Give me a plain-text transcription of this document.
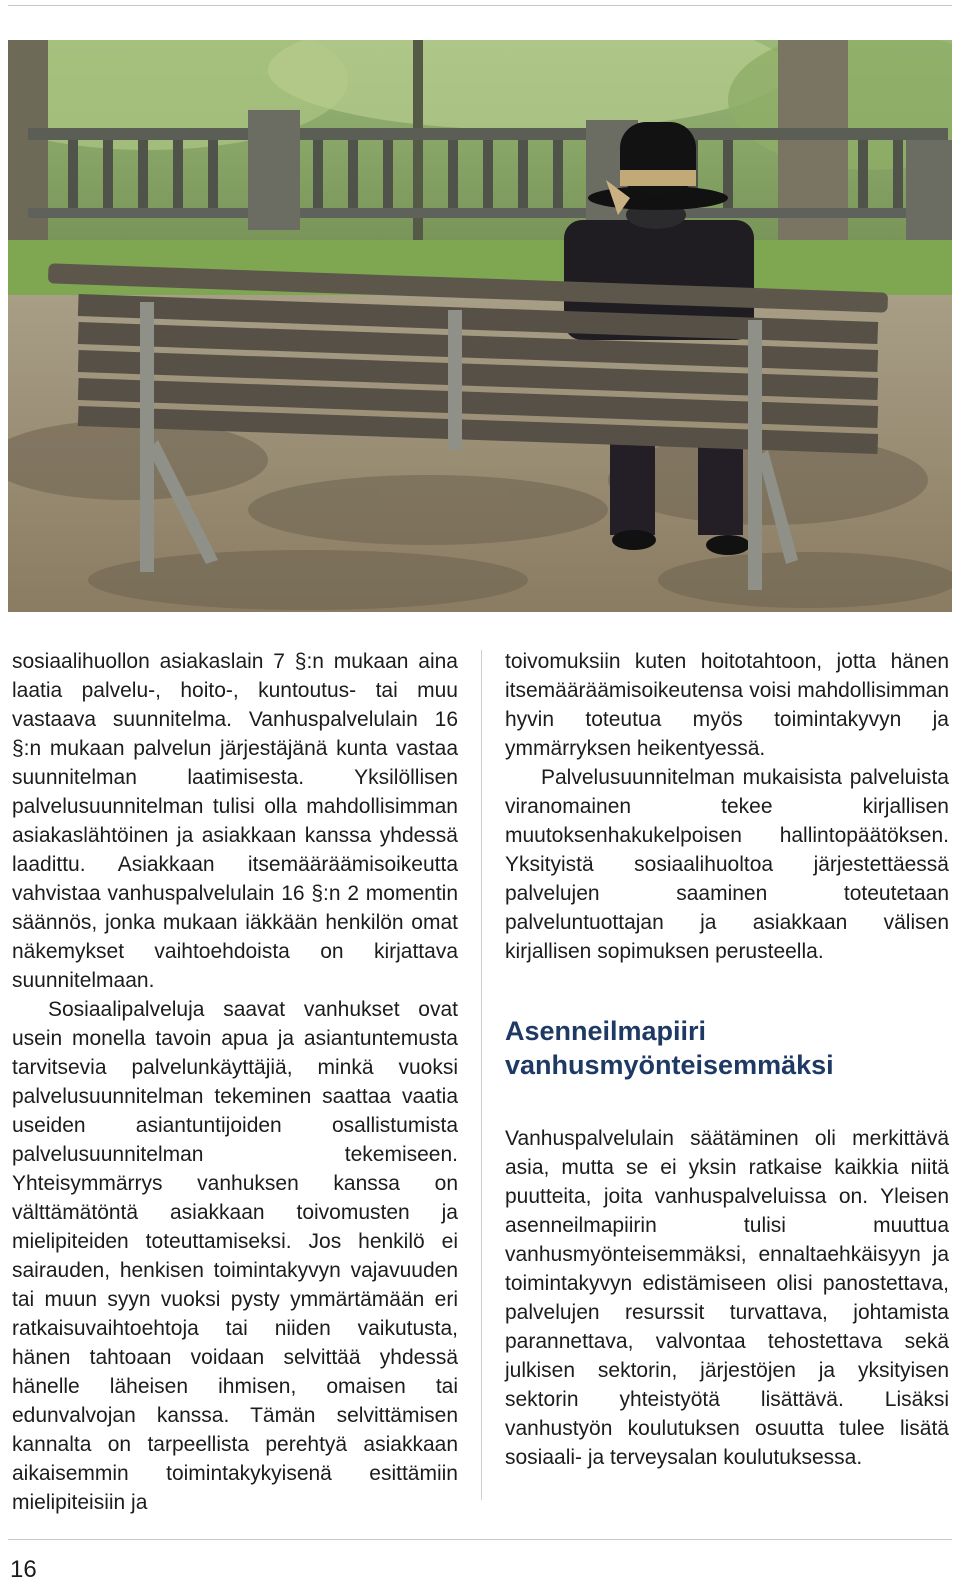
sosiaalihuollon asiakaslain 7 §:n mukaan aina laatia palvelu-, hoito-, kuntoutus- tai muu vastaava suunnitelma. Vanhuspalvelulain 16 §:n mukaan palvelun järjestäjänä kunta vastaa suunnitelman laatimisesta. Yksilöllisen palvelusuunnitelman tulisi olla mahdollisimman asiakaslähtöinen ja asiakkaan kanssa yhdessä laadittu. Asiakkaan itsemääräämisoikeutta vahvistaa vanhuspalvelulain 16 §:n 2 momentin säännös, jonka mukaan iäkkään henkilön omat näkemykset vaihtoehdoista on kirjattava suunnitelmaan.

Sosiaalipalveluja saavat vanhukset ovat usein monella tavoin apua ja asiantuntemusta tarvitsevia palvelunkäyttäjiä, minkä vuoksi palvelusuunnitelman tekeminen saattaa vaatia useiden asiantuntijoiden osallistumista palvelusuunnitelman tekemiseen. Yhteisymmärrys vanhuksen kanssa on välttämätöntä asiakkaan toivomusten ja mielipiteiden toteuttamiseksi. Jos henkilö ei sairauden, henkisen toimintakyvyn vajavuuden tai muun syyn vuoksi pysty ymmärtämään eri ratkaisuvaihtoehtoja tai niiden vaikutusta, hänen tahtoaan voidaan selvittää yhdessä hänelle läheisen ihmisen, omaisen tai edunvalvojan kanssa. Tämän selvittämisen kannalta on tarpeellista perehtyä asiakkaan aikaisemmin toimintakykyisenä esittämiin mielipiteisiin ja

toivomuksiin kuten hoitotahtoon, jotta hänen itsemääräämisoikeutensa voisi mahdollisimman hyvin toteutua myös toimintakyvyn ja ymmärryksen heikentyessä.

Palvelusuunnitelman mukaisista palveluista viranomainen tekee kirjallisen muutoksenhakukelpoisen hallintopäätöksen. Yksityistä sosiaalihuoltoa järjestettäessä palvelujen saaminen toteutetaan palveluntuottajan ja asiakkaan välisen kirjallisen sopimuksen perusteella.

Asenneilmapiiri
vanhusmyönteisemmäksi

Vanhuspalvelulain säätäminen oli merkittävä asia, mutta se ei yksin ratkaise kaikkia niitä puutteita, joita vanhuspalveluissa on. Yleisen asenneilmapiirin tulisi muuttua vanhusmyönteisemmäksi, ennaltaehkäisyyn ja toimintakyvyn edistämiseen olisi panostettava, palvelujen resurssit turvattava, johtamista parannettava, valvontaa tehostettava sekä julkisen sektorin, järjestöjen ja yksityisen sektorin yhteistyötä lisättävä. Lisäksi vanhustyön koulutuksen osuutta tulee lisätä sosiaali- ja terveysalan koulutuksessa.

16
